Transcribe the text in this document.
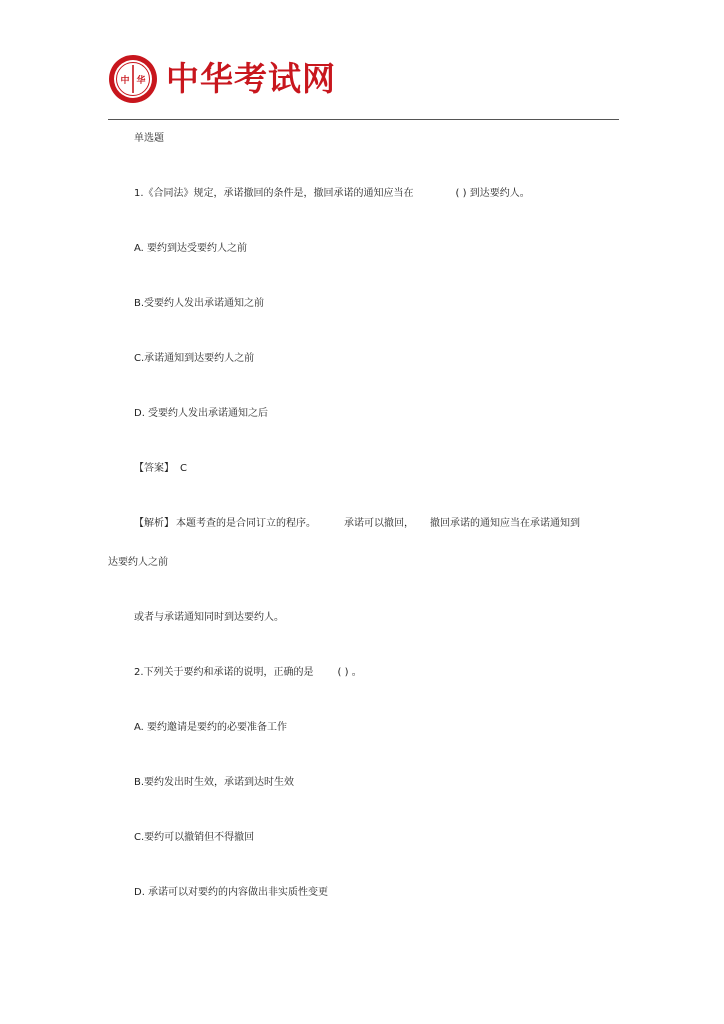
中 华 中华考试网
单选题
1.《合同法》规定，承诺撤回的条件是，撤回承诺的通知应当在	( ) 到达要约人。
A. 要约到达受要约人之前
B.受要约人发出承诺通知之前
C.承诺通知到达要约人之前
D. 受要约人发出承诺通知之后
【答案】 C
【解析】 本题考查的是合同订立的程序。	承诺可以撤回， 撤回承诺的通知应当在承诺通知到
达要约人之前
或者与承诺通知同时到达要约人。
2.下列关于要约和承诺的说明，正确的是 ( ) 。
A. 要约邀请是要约的必要准备工作
B.要约发出时生效，承诺到达时生效
C.要约可以撤销但不得撤回
D. 承诺可以对要约的内容做出非实质性变更
